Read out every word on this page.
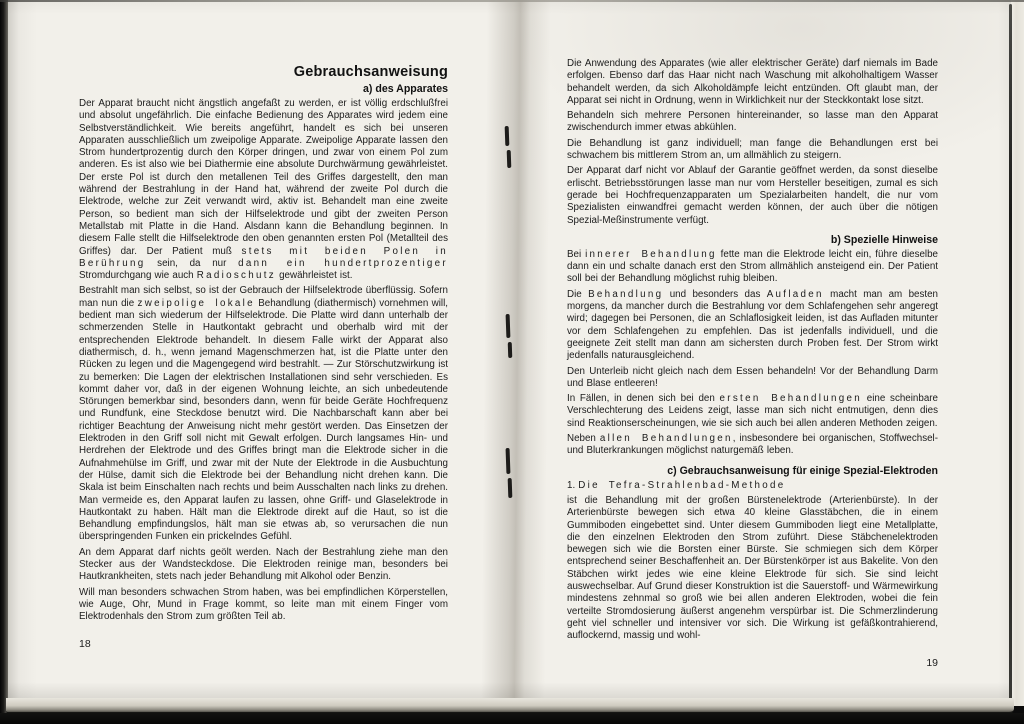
Gebrauchsanweisung
a) des Apparates

Der Apparat braucht nicht ängstlich angefaßt zu werden, er ist völlig erdschlußfrei und absolut ungefährlich. Die einfache Bedienung des Apparates wird jedem eine Selbstverständlichkeit. Wie bereits angeführt, handelt es sich bei unseren Apparaten ausschließlich um zweipolige Apparate. Zweipolige Apparate lassen den Strom hundertprozentig durch den Körper dringen, und zwar von einem Pol zum anderen. Es ist also wie bei Diathermie eine absolute Durchwärmung gewährleistet. Der erste Pol ist durch den metallenen Teil des Griffes dargestellt, den man während der Bestrahlung in der Hand hat, während der zweite Pol durch die Elektrode, welche zur Zeit verwandt wird, aktiv ist. Behandelt man eine zweite Person, so bedient man sich der Hilfselektrode und gibt der zweiten Person Metallstab mit Platte in die Hand. Alsdann kann die Behandlung beginnen. In diesem Falle stellt die Hilfselektrode den oben genannten ersten Pol (Metallteil des Griffes) dar. Der Patient muß stets mit beiden Polen in Berührung sein, da nur dann ein hundertprozentiger Stromdurchgang wie auch Radioschutz gewährleistet ist.

Bestrahlt man sich selbst, so ist der Gebrauch der Hilfselektrode überflüssig. Sofern man nun die zweipolige lokale Behandlung (diathermisch) vornehmen will, bedient man sich wiederum der Hilfselektrode. Die Platte wird dann unterhalb der schmerzenden Stelle in Hautkontakt gebracht und oberhalb wird mit der entsprechenden Elektrode behandelt. In diesem Falle wirkt der Apparat also diathermisch, d. h., wenn jemand Magenschmerzen hat, ist die Platte unter den Rücken zu legen und die Magengegend wird bestrahlt. — Zur Störschutzwirkung ist zu bemerken: Die Lagen der elektrischen Installationen sind sehr verschieden. Es kommt daher vor, daß in der eigenen Wohnung leichte, an sich unbedeutende Störungen bemerkbar sind, besonders dann, wenn für beide Geräte Hochfrequenz und Rundfunk, eine Steckdose benutzt wird. Die Nachbarschaft kann aber bei richtiger Beachtung der Anweisung nicht mehr gestört werden. Das Einsetzen der Elektroden in den Griff soll nicht mit Gewalt erfolgen. Durch langsames Hin- und Herdrehen der Elektrode und des Griffes bringt man die Elektrode sicher in die Aufnahmehülse im Griff, und zwar mit der Nute der Elektrode in die Ausbuchtung der Hülse, damit sich die Elektrode bei der Behandlung nicht drehen kann. Die Skala ist beim Einschalten nach rechts und beim Ausschalten nach links zu drehen. Man vermeide es, den Apparat laufen zu lassen, ohne Griff- und Glaselektrode in Hautkontakt zu haben. Hält man die Elektrode direkt auf die Haut, so ist die Behandlung empfindungslos, hält man sie etwas ab, so verursachen die nun überspringenden Funken ein prickelndes Gefühl.

An dem Apparat darf nichts geölt werden. Nach der Bestrahlung ziehe man den Stecker aus der Wandsteckdose. Die Elektroden reinige man, besonders bei Hautkrankheiten, stets nach jeder Behandlung mit Alkohol oder Benzin.

Will man besonders schwachen Strom haben, was bei empfindlichen Körperstellen, wie Auge, Ohr, Mund in Frage kommt, so leite man mit einem Finger vom Elektrodenhals den Strom zum größten Teil ab.

18

Die Anwendung des Apparates (wie aller elektrischer Geräte) darf niemals im Bade erfolgen. Ebenso darf das Haar nicht nach Waschung mit alkoholhaltigem Wasser behandelt werden, da sich Alkoholdämpfe leicht entzünden. Oft glaubt man, der Apparat sei nicht in Ordnung, wenn in Wirklichkeit nur der Steckkontakt lose sitzt.

Behandeln sich mehrere Personen hintereinander, so lasse man den Apparat zwischendurch immer etwas abkühlen.

Die Behandlung ist ganz individuell; man fange die Behandlungen erst bei schwachem bis mittlerem Strom an, um allmählich zu steigern.

Der Apparat darf nicht vor Ablauf der Garantie geöffnet werden, da sonst dieselbe erlischt. Betriebsstörungen lasse man nur vom Hersteller beseitigen, zumal es sich gerade bei Hochfrequenzapparaten um Spezialarbeiten handelt, die nur vom Spezialisten einwandfrei gemacht werden können, der auch über die nötigen Spezial-Meßinstrumente verfügt.

b) Spezielle Hinweise

Bei innerer Behandlung fette man die Elektrode leicht ein, führe dieselbe dann ein und schalte danach erst den Strom allmählich ansteigend ein. Der Patient soll bei der Behandlung möglichst ruhig bleiben.

Die Behandlung und besonders das Aufladen macht man am besten morgens, da mancher durch die Bestrahlung vor dem Schlafengehen sehr angeregt wird; dagegen bei Personen, die an Schlaflosigkeit leiden, ist das Aufladen mitunter vor dem Schlafengehen zu empfehlen. Das ist jedenfalls individuell, und die geeignete Zeit stellt man dann am sichersten durch Proben fest. Der Strom wirkt jedenfalls naturausgleichend.

Den Unterleib nicht gleich nach dem Essen behandeln! Vor der Behandlung Darm und Blase entleeren!

In Fällen, in denen sich bei den ersten Behandlungen eine scheinbare Verschlechterung des Leidens zeigt, lasse man sich nicht entmutigen, denn dies sind Reaktionserscheinungen, wie sie sich auch bei allen anderen Methoden zeigen.

Neben allen Behandlungen, insbesondere bei organischen, Stoffwechsel- und Bluterkrankungen möglichst naturgemäß leben.

c) Gebrauchsanweisung für einige Spezial-Elektroden

1. Die Tefra-Strahlenbad-Methode

ist die Behandlung mit der großen Bürstenelektrode (Arterienbürste). In der Arterienbürste bewegen sich etwa 40 kleine Glasstäbchen, die in einem Gummiboden eingebettet sind. Unter diesem Gummiboden liegt eine Metallplatte, die den einzelnen Elektroden den Strom zuführt. Diese Stäbchenelektroden bewegen sich wie die Borsten einer Bürste. Sie schmiegen sich dem Körper entsprechend seiner Beschaffenheit an. Der Bürstenkörper ist aus Bakelite. Von den Stäbchen wirkt jedes wie eine kleine Elektrode für sich. Sie sind leicht auswechselbar. Auf Grund dieser Konstruktion ist die Sauerstoff- und Wärmewirkung mindestens zehnmal so groß wie bei allen anderen Elektroden, wobei die fein verteilte Stromdosierung äußerst angenehm verspürbar ist. Die Schmerzlinderung geht viel schneller und intensiver vor sich. Die Wirkung ist gefäßkontrahierend, auflockernd, massig und wohl-

19
